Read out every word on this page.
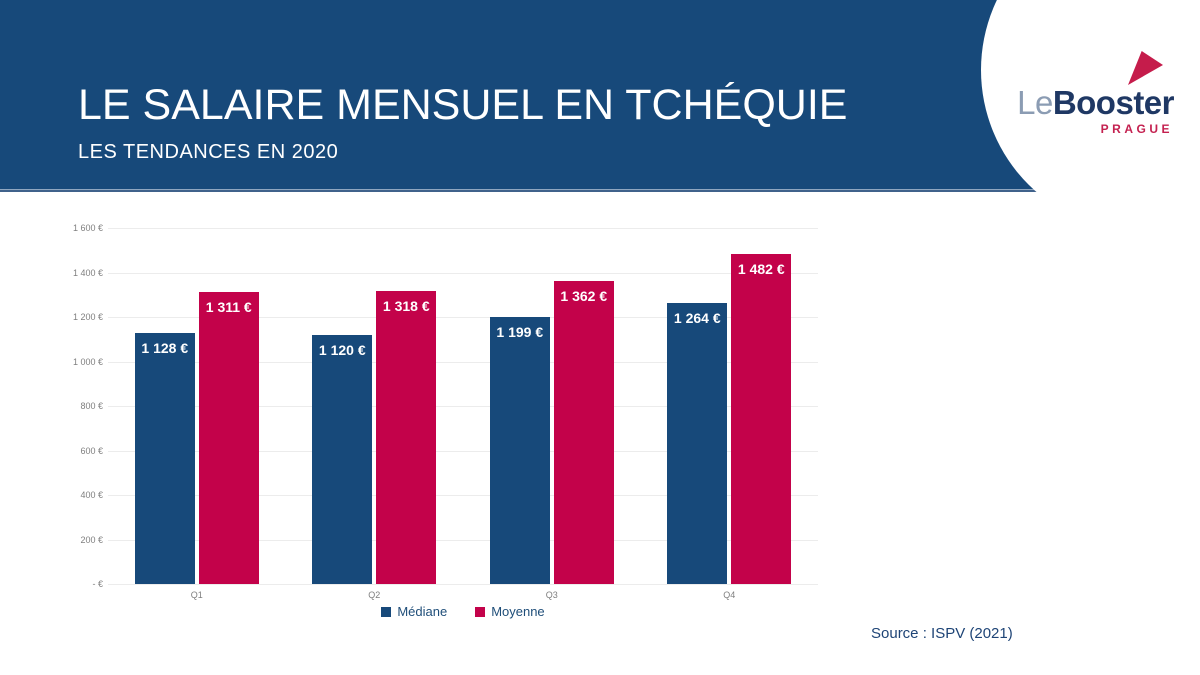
LE SALAIRE MENSUEL EN TCHÉQUIE
LES TENDANCES EN 2020
LeBooster
PRAGUE
- €
200 €
400 €
600 €
800 €
1 000 €
1 200 €
1 400 €
1 600 €
1 128 €
1 311 €
Q1
1 120 €
1 318 €
Q2
1 199 €
1 362 €
Q3
1 264 €
1 482 €
Q4
Médiane	Moyenne
Source : ISPV (2021)
